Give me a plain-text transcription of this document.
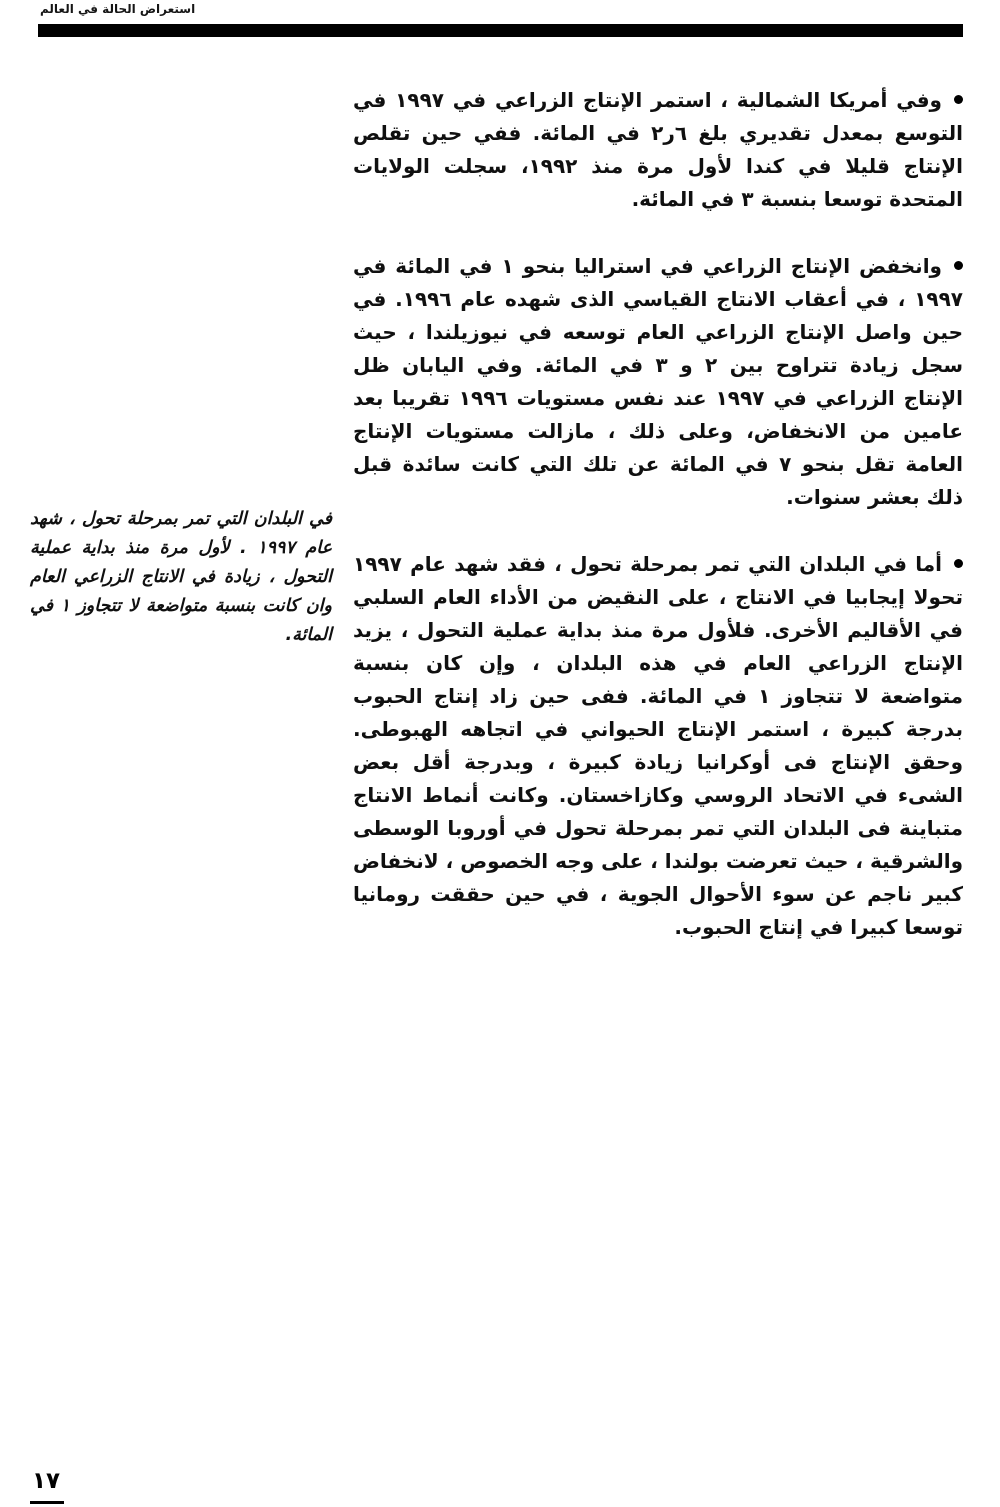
استعراض الحالة في العالم

وفي أمريكا الشمالية ، استمر الإنتاج الزراعي في ١٩٩٧ في التوسع بمعدل تقديري بلغ ٦ر٢ في المائة. ففي حين تقلص الإنتاج قليلا في كندا لأول مرة منذ ١٩٩٢، سجلت الولايات المتحدة توسعا بنسبة ٣ في المائة.

وانخفض الإنتاج الزراعي في استراليا بنحو ١ في المائة في ١٩٩٧ ، في أعقاب الانتاج القياسي الذى شهده عام ١٩٩٦. في حين واصل الإنتاج الزراعي العام توسعه في نيوزيلندا ، حيث سجل زيادة تتراوح بين ٢ و ٣ في المائة. وفي اليابان ظل الإنتاج الزراعي في ١٩٩٧ عند نفس مستويات ١٩٩٦ تقريبا بعد عامين من الانخفاض، وعلى ذلك ، مازالت مستويات الإنتاج العامة تقل بنحو ٧ في المائة عن تلك التي كانت سائدة قبل ذلك بعشر سنوات.

أما في البلدان التي تمر بمرحلة تحول ، فقد شهد عام ١٩٩٧ تحولا إيجابيا في الانتاج ، على النقيض من الأداء العام السلبي في الأقاليم الأخرى. فلأول مرة منذ بداية عملية التحول ، يزيد الإنتاج الزراعي العام في هذه البلدان ، وإن كان بنسبة متواضعة لا تتجاوز ١ في المائة. ففى حين زاد إنتاج الحبوب بدرجة كبيرة ، استمر الإنتاج الحيواني في اتجاهه الهبوطى. وحقق الإنتاج فى أوكرانيا زيادة كبيرة ، وبدرجة أقل بعض الشىء في الاتحاد الروسي وكازاخستان. وكانت أنماط الانتاج متباينة فى البلدان التي تمر بمرحلة تحول في أوروبا الوسطى والشرقية ، حيث تعرضت بولندا ، على وجه الخصوص ، لانخفاض كبير ناجم عن سوء الأحوال الجوية ، في حين حققت رومانيا توسعا كبيرا في إنتاج الحبوب.

في البلدان التي تمر بمرحلة تحول ، شهد عام ١٩٩٧ . لأول مرة منذ بداية عملية التحول ، زيادة في الانتاج الزراعي العام وان كانت بنسبة متواضعة لا تتجاوز ١ في المائة.
١٧
